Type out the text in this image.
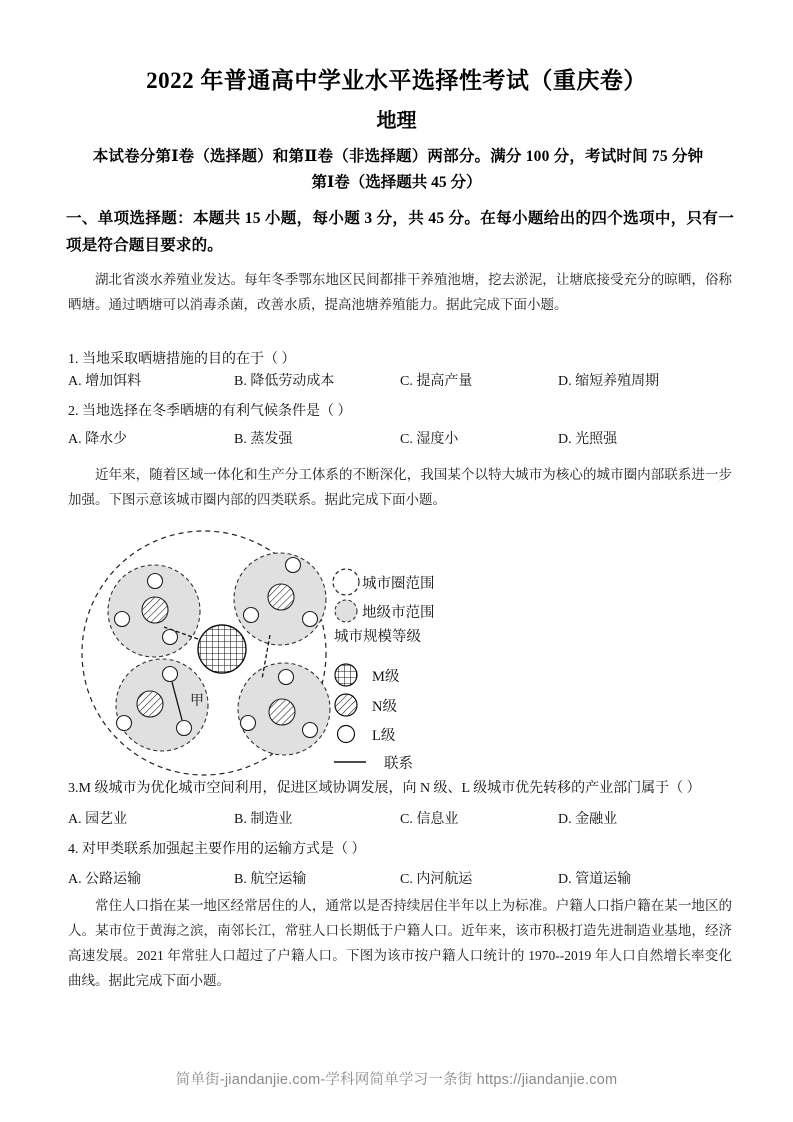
2022 年普通高中学业水平选择性考试（重庆卷）
地理
本试卷分第Ⅰ卷（选择题）和第Ⅱ卷（非选择题）两部分。满分 100 分，考试时间 75 分钟
第Ⅰ卷（选择题共 45 分）
一、单项选择题：本题共 15 小题，每小题 3 分，共 45 分。在每小题给出的四个选项中，只有一项是符合题目要求的。
湖北省淡水养殖业发达。每年冬季鄂东地区民间都排干养殖池塘，挖去淤泥，让塘底接受充分的晾晒，俗称晒塘。通过晒塘可以消毒杀菌，改善水质，提高池塘养殖能力。据此完成下面小题。
1. 当地采取晒塘措施的目的在于（ ）
A. 增加饵料	B. 降低劳动成本	C. 提高产量	D. 缩短养殖周期
2. 当地选择在冬季晒塘的有利气候条件是（ ）
A. 降水少	B. 蒸发强	C. 湿度小	D. 光照强
近年来，随着区域一体化和生产分工体系的不断深化，我国某个以特大城市为核心的城市圈内部联系进一步加强。下图示意该城市圈内部的四类联系。据此完成下面小题。
甲
城市圈范围
地级市范围
城市规模等级
M级
N级
L级
联系
3.M 级城市为优化城市空间利用，促进区域协调发展，向 N 级、L 级城市优先转移的产业部门属于（ ）
A. 园艺业	B. 制造业	C. 信息业	D. 金融业
4. 对甲类联系加强起主要作用的运输方式是（ ）
A. 公路运输	B. 航空运输	C. 内河航运	D. 管道运输
常住人口指在某一地区经常居住的人，通常以是否持续居住半年以上为标准。户籍人口指户籍在某一地区的人。某市位于黄海之滨，南邻长江，常驻人口长期低于户籍人口。近年来，该市积极打造先进制造业基地，经济高速发展。2021 年常驻人口超过了户籍人口。下图为该市按户籍人口统计的 1970--2019 年人口自然增长率变化曲线。据此完成下面小题。
简单街-jiandanjie.com-学科网简单学习一条街 https://jiandanjie.com
